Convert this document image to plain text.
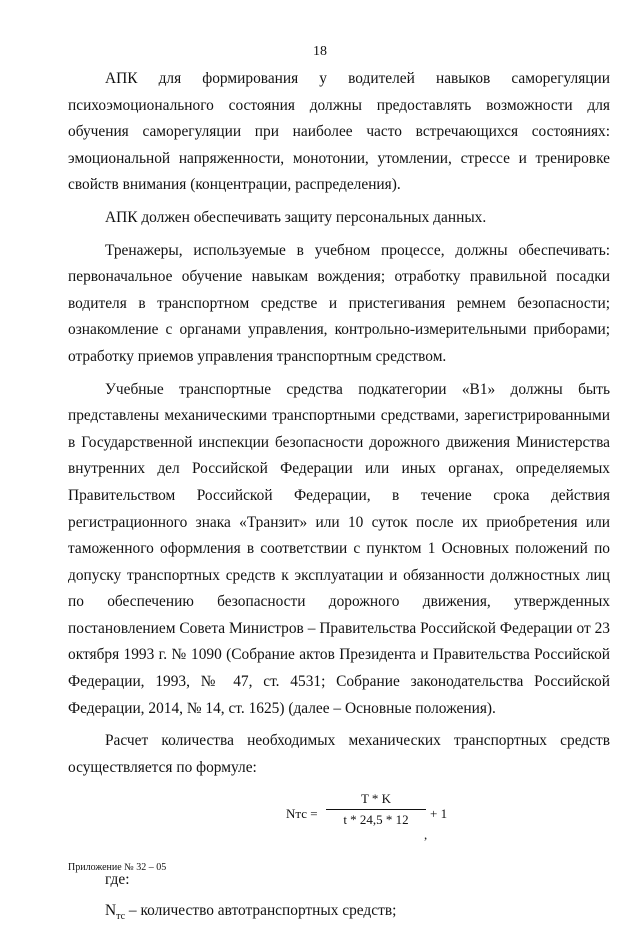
18

АПК для формирования у водителей навыков саморегуляции психоэмоционального состояния должны предоставлять возможности для обучения саморегуляции при наиболее часто встречающихся состояниях: эмоциональной напряженности, монотонии, утомлении, стрессе и тренировке свойств внимания (концентрации, распределения).

АПК должен обеспечивать защиту персональных данных.

Тренажеры, используемые в учебном процессе, должны обеспечивать: первоначальное обучение навыкам вождения; отработку правильной посадки водителя в транспортном средстве и пристегивания ремнем безопасности; ознакомление с органами управления, контрольно-измерительными приборами; отработку приемов управления транспортным средством.

Учебные транспортные средства подкатегории «В1» должны быть представлены механическими транспортными средствами, зарегистрированными в Государственной инспекции безопасности дорожного движения Министерства внутренних дел Российской Федерации или иных органах, определяемых Правительством Российской Федерации, в течение срока действия регистрационного знака «Транзит» или 10 суток после их приобретения или таможенного оформления в соответствии с пунктом 1 Основных положений по допуску транспортных средств к эксплуатации и обязанности должностных лиц по обеспечению безопасности дорожного движения, утвержденных постановлением Совета Министров – Правительства Российской Федерации от 23 октября 1993 г. № 1090 (Собрание актов Президента и Правительства Российской Федерации, 1993, № 47, ст. 4531; Собрание законодательства Российской Федерации, 2014, № 14, ст. 1625) (далее – Основные положения).

Расчет количества необходимых механических транспортных средств осуществляется по формуле:

Nтс = $\frac{T * K}{t * 24,5 * 12} + 1$
,

где:

$N_{тс}$ – количество автотранспортных средств;

Приложение № 32 – 05
